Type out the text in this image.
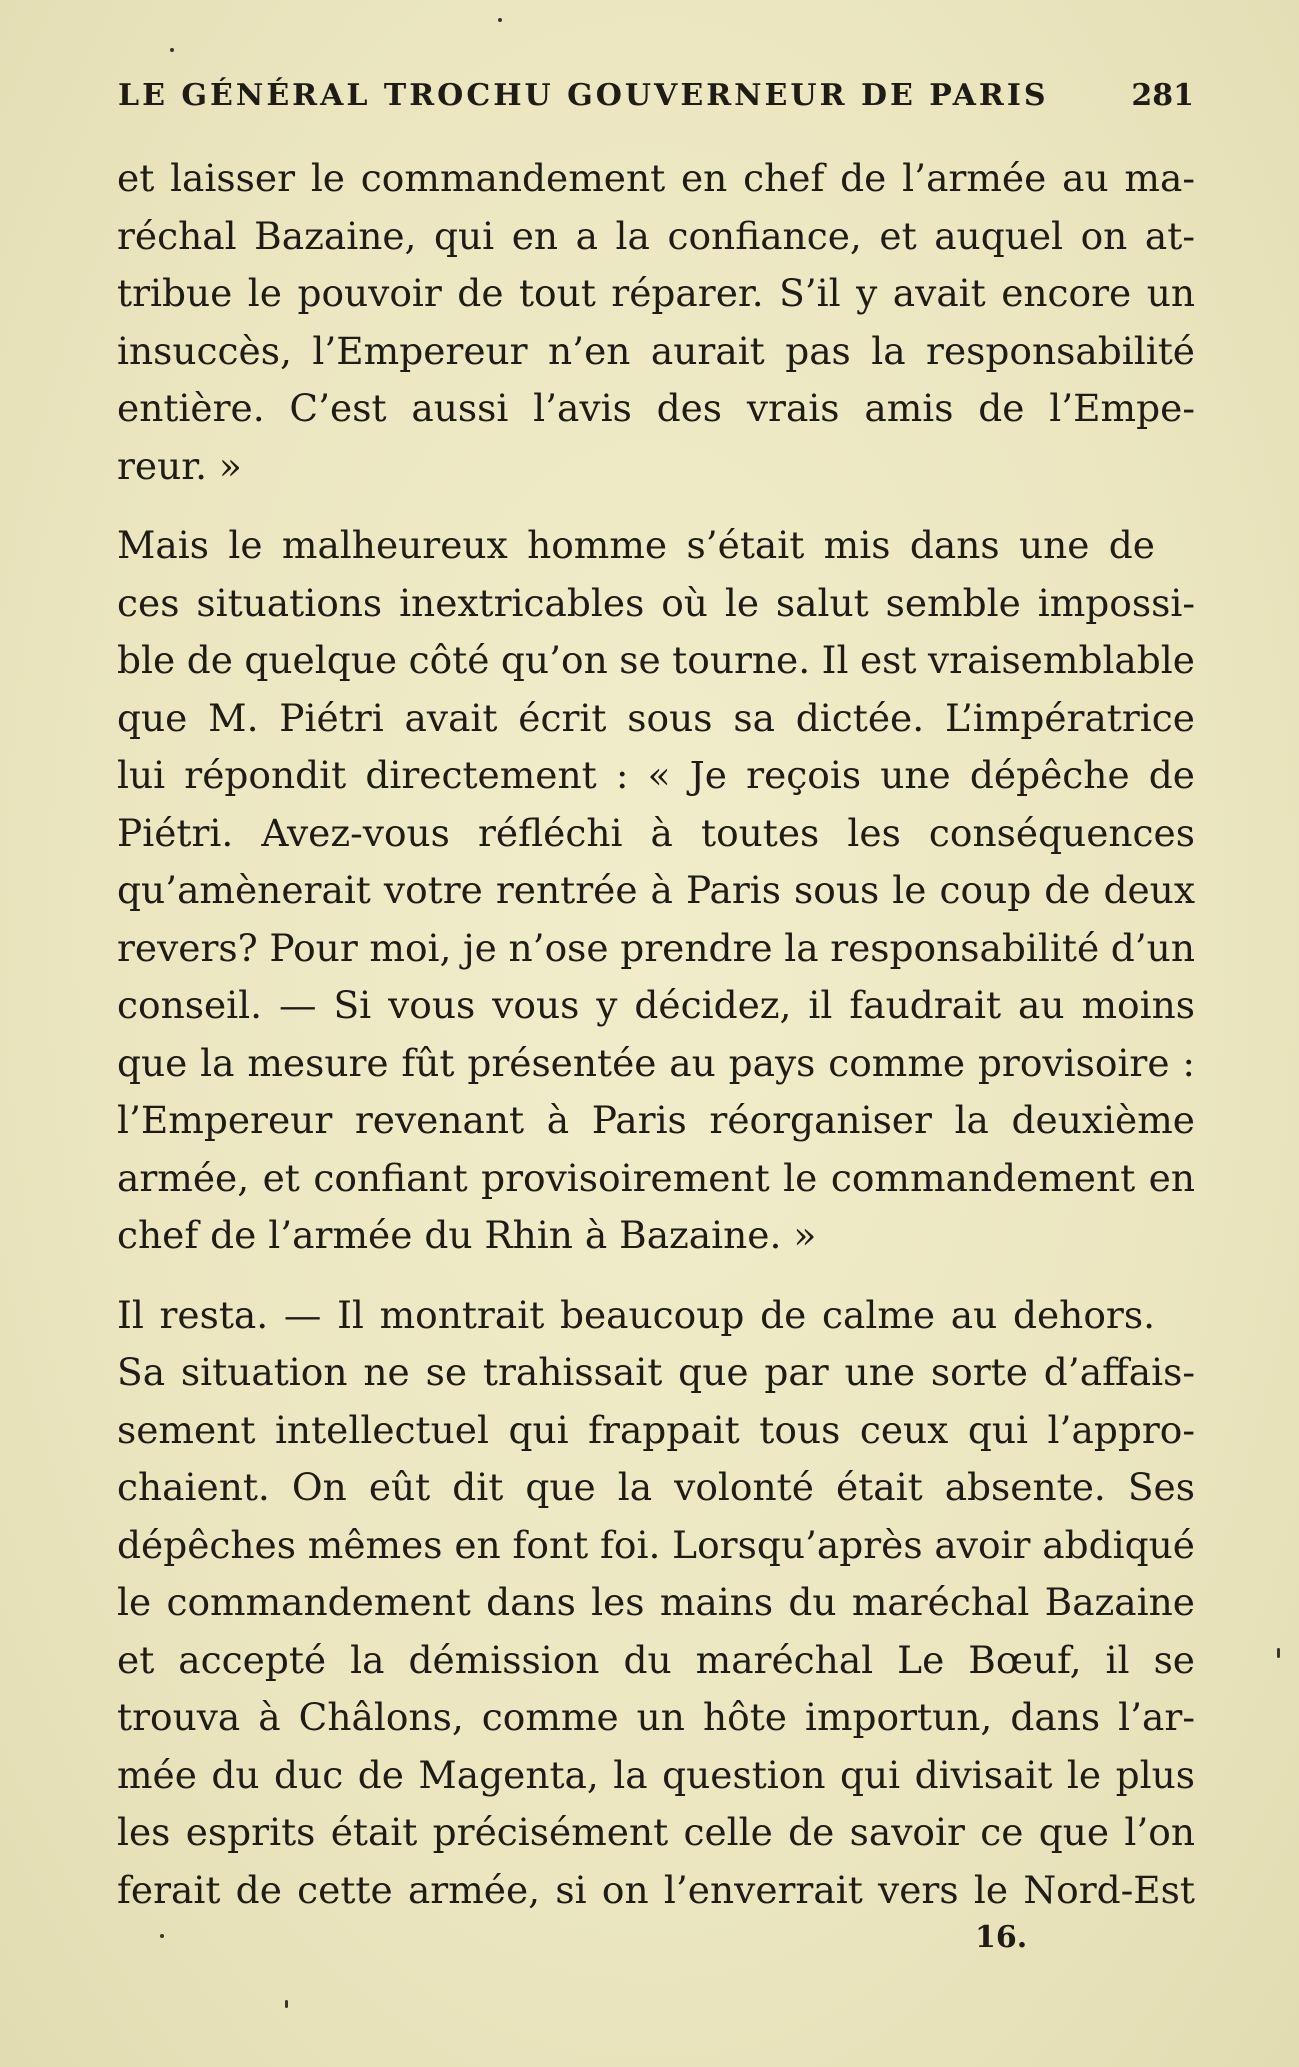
LE GÉNÉRAL TROCHU GOUVERNEUR DE PARIS	281
et laisser le commandement en chef de l’armée au ma-
réchal Bazaine, qui en a la confiance, et auquel on at-
tribue le pouvoir de tout réparer. S’il y avait encore un
insuccès, l’Empereur n’en aurait pas la responsabilité
entière. C’est aussi l’avis des vrais amis de l’Empe-
reur. »
Mais le malheureux homme s’était mis dans une de
ces situations inextricables où le salut semble impossi-
ble de quelque côté qu’on se tourne. Il est vraisemblable
que M. Piétri avait écrit sous sa dictée. L’impératrice
lui répondit directement : « Je reçois une dépêche de
Piétri. Avez-vous réfléchi à toutes les conséquences
qu’amènerait votre rentrée à Paris sous le coup de deux
revers? Pour moi, je n’ose prendre la responsabilité d’un
conseil. — Si vous vous y décidez, il faudrait au moins
que la mesure fût présentée au pays comme provisoire :
l’Empereur revenant à Paris réorganiser la deuxième
armée, et confiant provisoirement le commandement en
chef de l’armée du Rhin à Bazaine. »
Il resta. — Il montrait beaucoup de calme au dehors.
Sa situation ne se trahissait que par une sorte d’affais-
sement intellectuel qui frappait tous ceux qui l’appro-
chaient. On eût dit que la volonté était absente. Ses
dépêches mêmes en font foi. Lorsqu’après avoir abdiqué
le commandement dans les mains du maréchal Bazaine
et accepté la démission du maréchal Le Bœuf, il se
trouva à Châlons, comme un hôte importun, dans l’ar-
mée du duc de Magenta, la question qui divisait le plus
les esprits était précisément celle de savoir ce que l’on
ferait de cette armée, si on l’enverrait vers le Nord-Est
16.
